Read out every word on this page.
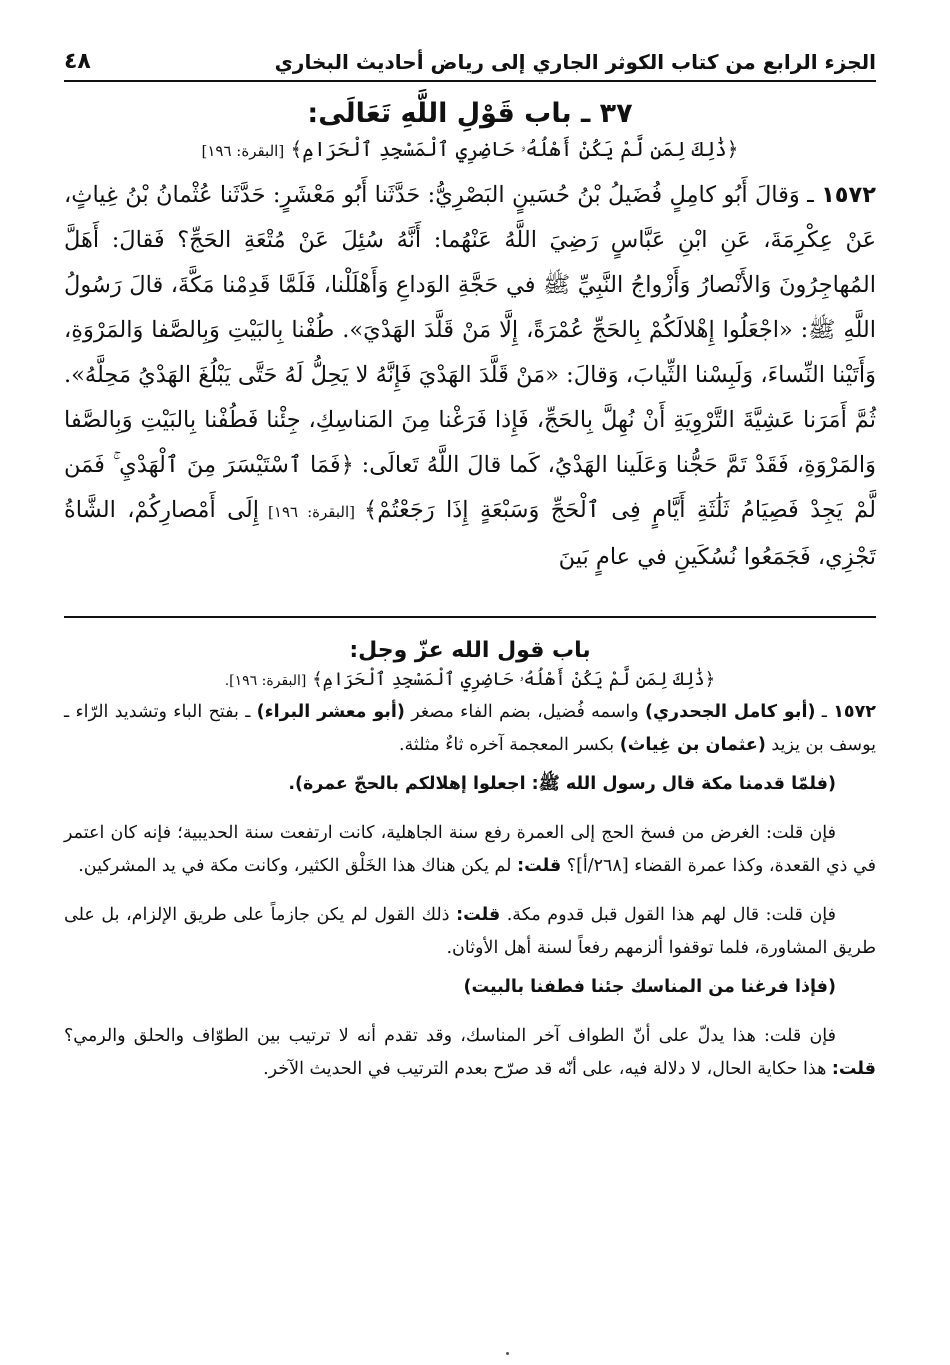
الجزء الرابع من كتاب الكوثر الجاري إلى رياض أحاديث البخاري
٤٨
٣٧ ـ باب قَوْلِ اللَّهِ تَعَالَى:
﴿ذَٰلِكَ لِمَن لَّمْ يَكُنْ أَهْلُهُۥ حَاضِرِي ٱلْمَسْجِدِ ٱلْحَرَامِ﴾ [البقرة: ١٩٦]
١٥٧٢ ـ وَقالَ أَبُو كامِلٍ فُضَيلُ بْنُ حُسَينٍ البَصْرِيُّ: حَدَّثَنا أَبُو مَعْشَرٍ: حَدَّثَنا عُثْمانُ بْنُ غِياثٍ، عَنْ عِكْرِمَةَ، عَنِ ابْنِ عَبَّاسٍ رَضِيَ اللَّهُ عَنْهُما: أَنَّهُ سُئِلَ عَنْ مُتْعَةِ الحَجِّ؟ فَقالَ: أَهَلَّ المُهاجِرُونَ وَالأَنْصارُ وَأَزْواجُ النَّبِيِّ ﷺ في حَجَّةِ الوَداعِ وَأَهْلَلْنا، فَلَمَّا قَدِمْنا مَكَّةَ، قالَ رَسُولُ اللَّهِ ﷺ: «اجْعَلُوا إِهْلالَكُمْ بِالحَجِّ عُمْرَةً، إِلَّا مَنْ قَلَّدَ الهَدْيَ». طُفْنا بِالبَيْتِ وَبِالصَّفا وَالمَرْوَةِ، وَأَتَيْنا النِّساءَ، وَلَبِسْنا الثِّيابَ، وَقالَ: «مَنْ قَلَّدَ الهَدْيَ فَإِنَّهُ لا يَحِلُّ لَهُ حَتَّى يَبْلُغَ الهَدْيُ مَحِلَّهُ». ثُمَّ أَمَرَنا عَشِيَّةَ التَّرْوِيَةِ أَنْ نُهِلَّ بِالحَجِّ، فَإِذا فَرَغْنا مِنَ المَناسِكِ، جِئْنا فَطُفْنا بِالبَيْتِ وَبِالصَّفا وَالمَرْوَةِ، فَقَدْ تَمَّ حَجُّنا وَعَلَينا الهَدْيُ، كَما قالَ اللَّهُ تَعالَى: ﴿فَمَا ٱسْتَيْسَرَ مِنَ ٱلْهَدْيِ ۚ فَمَن لَّمْ يَجِدْ فَصِيَامُ ثَلَٰثَةِ أَيَّامٍ فِى ٱلْحَجِّ وَسَبْعَةٍ إِذَا رَجَعْتُمْ﴾ [البقرة: ١٩٦] إِلَى أَمْصارِكُمْ، الشَّاةُ تَجْزِي، فَجَمَعُوا نُسُكَينِ في عامٍ بَينَ
باب قول الله عزّ وجل:
﴿ذَٰلِكَ لِمَن لَّمْ يَكُنْ أَهْلُهُۥ حَاضِرِي ٱلْمَسْجِدِ ٱلْحَرَامِ﴾ [البقرة: ١٩٦].
١٥٧٢ ـ (أبو كامل الجحدري) واسمه فُضيل، بضم الفاء مصغر (أبو معشر البراء) ـ بفتح الباء وتشديد الرّاء ـ يوسف بن يزيد (عثمان بن غِياث) بكسر المعجمة آخره ثاءٌ مثلثة.
(فلمّا قدمنا مكة قال رسول الله ﷺ: اجعلوا إهلالكم بالحجّ عمرة).
فإن قلت: الغرض من فسخ الحج إلى العمرة رفع سنة الجاهلية، كانت ارتفعت سنة الحديبية؛ فإنه كان اعتمر في ذي القعدة، وكذا عمرة القضاء [٢٦٨/أ]؟ قلت: لم يكن هناك هذا الخَلْق الكثير، وكانت مكة في يد المشركين.
فإن قلت: قال لهم هذا القول قبل قدوم مكة. قلت: ذلك القول لم يكن جازماً على طريق الإلزام، بل على طريق المشاورة، فلما توقفوا ألزمهم رفعاً لسنة أهل الأوثان.
(فإذا فرغنا من المناسك جئنا فطفنا بالبيت)
فإن قلت: هذا يدلّ على أنّ الطواف آخر المناسك، وقد تقدم أنه لا ترتيب بين الطوّاف والحلق والرمي؟ قلت: هذا حكاية الحال، لا دلالة فيه، على أنّه قد صرّح بعدم الترتيب في الحديث الآخر.
